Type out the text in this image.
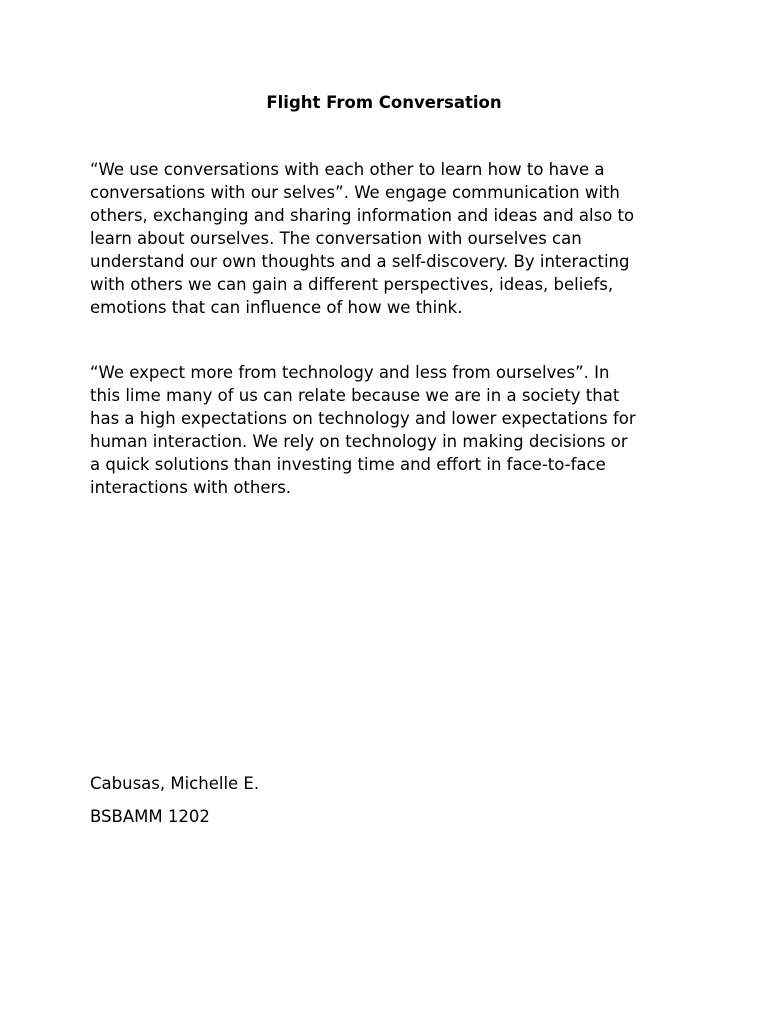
Flight From Conversation

“We use conversations with each other to learn how to have a
conversations with our selves”. We engage communication with
others, exchanging and sharing information and ideas and also to
learn about ourselves. The conversation with ourselves can
understand our own thoughts and a self-discovery. By interacting
with others we can gain a different perspectives, ideas, beliefs,
emotions that can influence of how we think.

“We expect more from technology and less from ourselves”. In
this lime many of us can relate because we are in a society that
has a high expectations on technology and lower expectations for
human interaction. We rely on technology in making decisions or
a quick solutions than investing time and effort in face-to-face
interactions with others.

Cabusas, Michelle E.

BSBAMM 1202
